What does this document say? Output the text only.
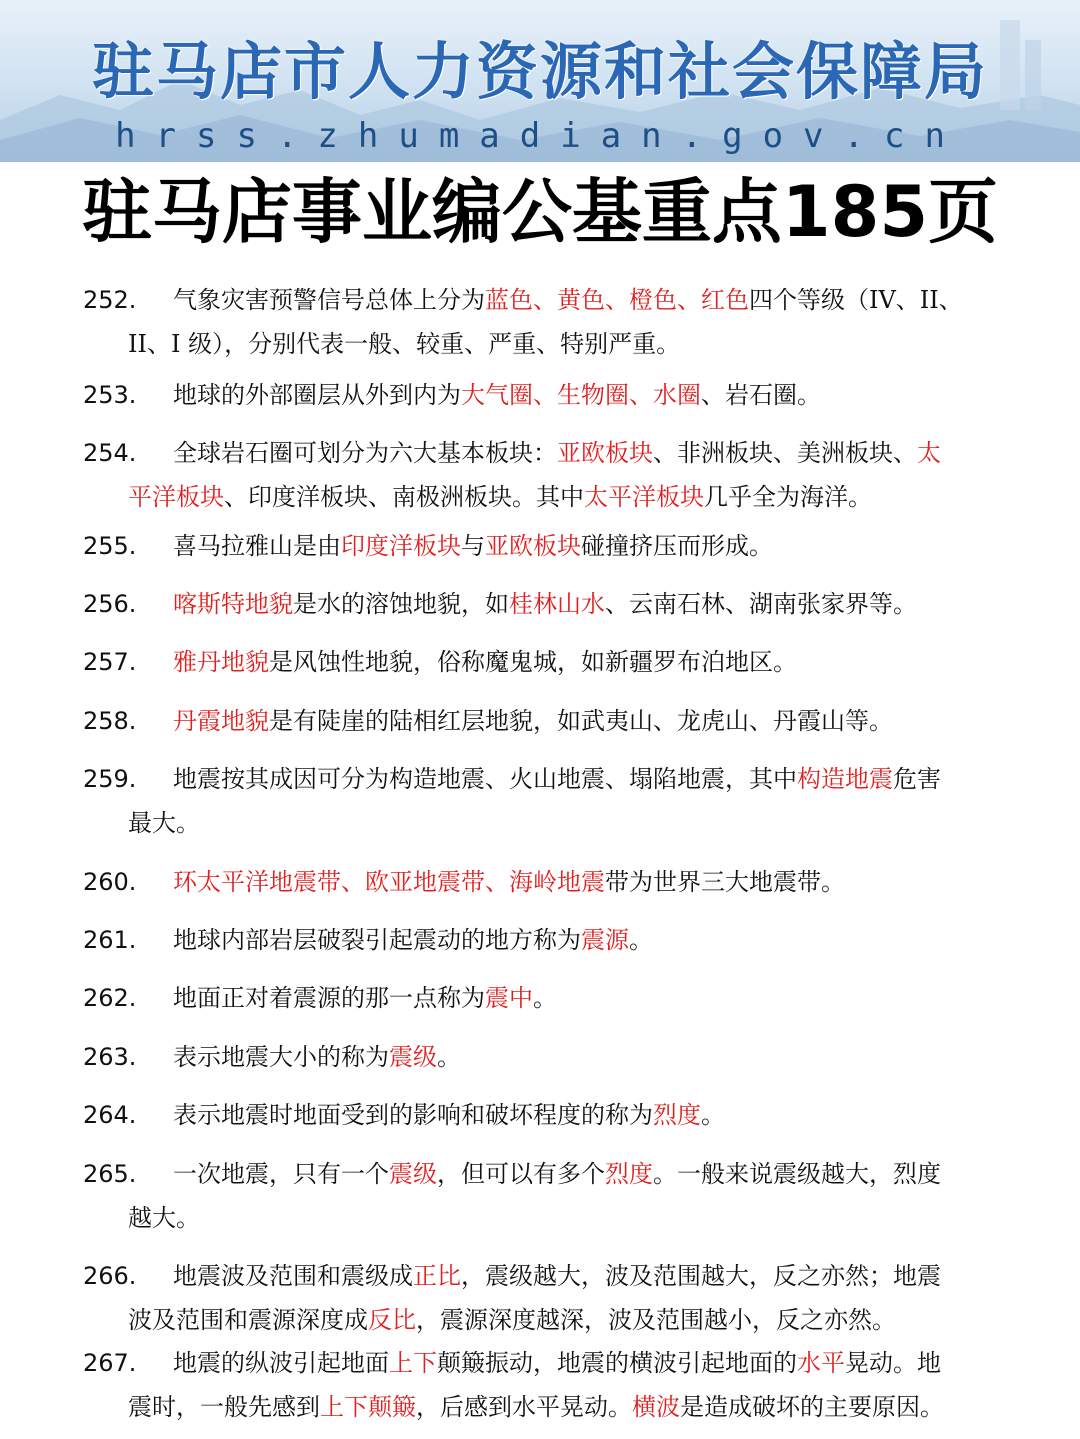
驻马店市人力资源和社会保障局
hrss.zhumadian.gov.cn
驻马店事业编公基重点185页
252. 气象灾害预警信号总体上分为蓝色、黄色、橙色、红色四个等级（IV、II、
II、I 级），分别代表一般、较重、严重、特别严重。
253. 地球的外部圈层从外到内为大气圈、生物圈、水圈、岩石圈。
254. 全球岩石圈可划分为六大基本板块：亚欧板块、非洲板块、美洲板块、太
平洋板块、印度洋板块、南极洲板块。其中太平洋板块几乎全为海洋。
255. 喜马拉雅山是由印度洋板块与亚欧板块碰撞挤压而形成。
256. 喀斯特地貌是水的溶蚀地貌，如桂林山水、云南石林、湖南张家界等。
257. 雅丹地貌是风蚀性地貌，俗称魔鬼城，如新疆罗布泊地区。
258. 丹霞地貌是有陡崖的陆相红层地貌，如武夷山、龙虎山、丹霞山等。
259. 地震按其成因可分为构造地震、火山地震、塌陷地震，其中构造地震危害
最大。
260. 环太平洋地震带、欧亚地震带、海岭地震带为世界三大地震带。
261. 地球内部岩层破裂引起震动的地方称为震源。
262. 地面正对着震源的那一点称为震中。
263. 表示地震大小的称为震级。
264. 表示地震时地面受到的影响和破坏程度的称为烈度。
265. 一次地震，只有一个震级，但可以有多个烈度。一般来说震级越大，烈度
越大。
266. 地震波及范围和震级成正比，震级越大，波及范围越大，反之亦然；地震
波及范围和震源深度成反比，震源深度越深，波及范围越小，反之亦然。
267. 地震的纵波引起地面上下颠簸振动，地震的横波引起地面的水平晃动。地
震时，一般先感到上下颠簸，后感到水平晃动。横波是造成破坏的主要原因。
